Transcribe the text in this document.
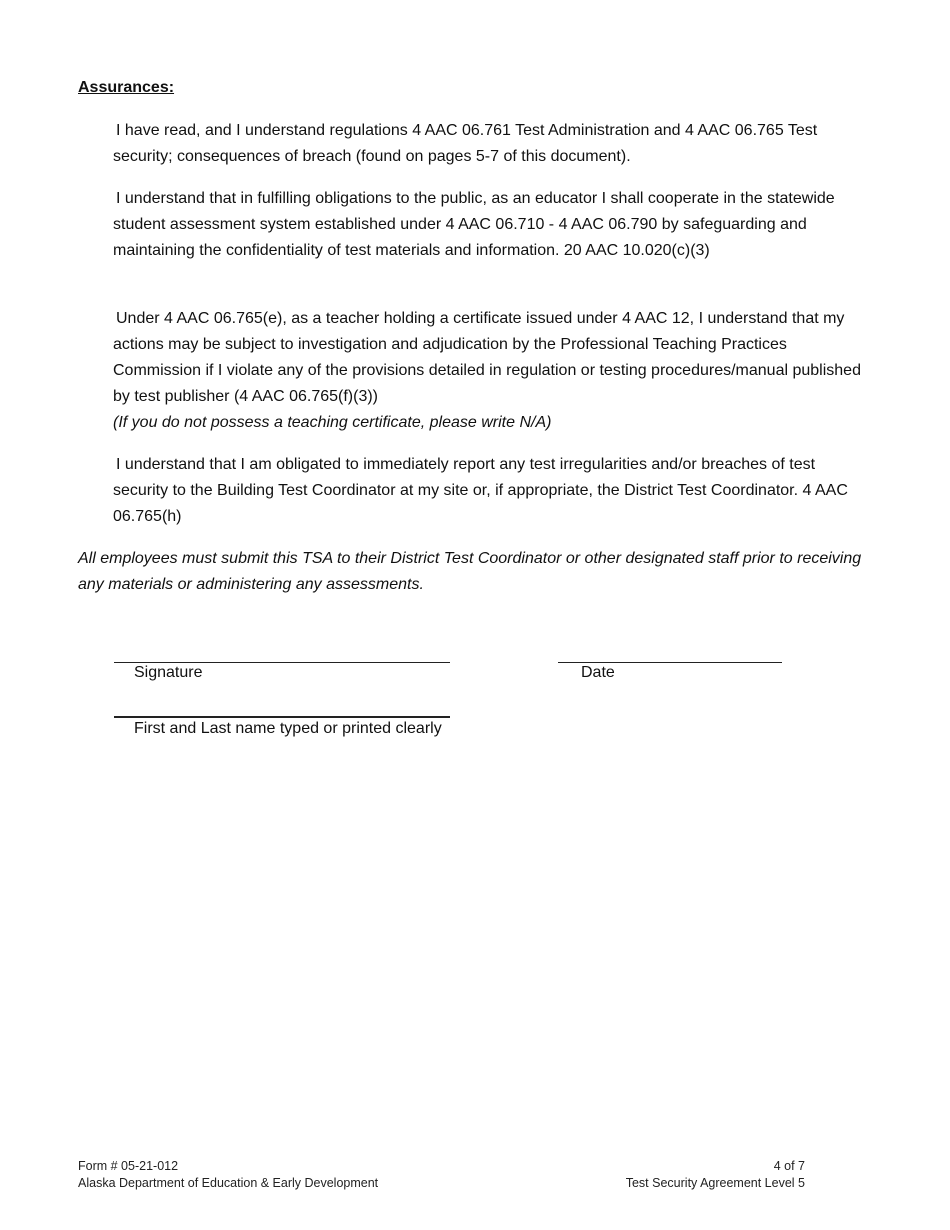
Assurances:

I have read, and I understand regulations 4 AAC 06.761 Test Administration and 4 AAC 06.765 Test security; consequences of breach (found on pages 5-7 of this document).

I understand that in fulfilling obligations to the public, as an educator I shall cooperate in the statewide student assessment system established under 4 AAC 06.710 - 4 AAC 06.790 by safeguarding and maintaining the confidentiality of test materials and information. 20 AAC 10.020(c)(3)

Under 4 AAC 06.765(e), as a teacher holding a certificate issued under 4 AAC 12, I understand that my actions may be subject to investigation and adjudication by the Professional Teaching Practices Commission if I violate any of the provisions detailed in regulation or testing procedures/manual published by test publisher (4 AAC 06.765(f)(3))
(If you do not possess a teaching certificate, please write N/A)

I understand that I am obligated to immediately report any test irregularities and/or breaches of test security to the Building Test Coordinator at my site or, if appropriate, the District Test Coordinator. 4 AAC 06.765(h)

All employees must submit this TSA to their District Test Coordinator or other designated staff prior to receiving any materials or administering any assessments.

Signature	Date
First and Last name typed or printed clearly
Form # 05-21-012
Alaska Department of Education & Early Development
4 of 7
Test Security Agreement Level 5
